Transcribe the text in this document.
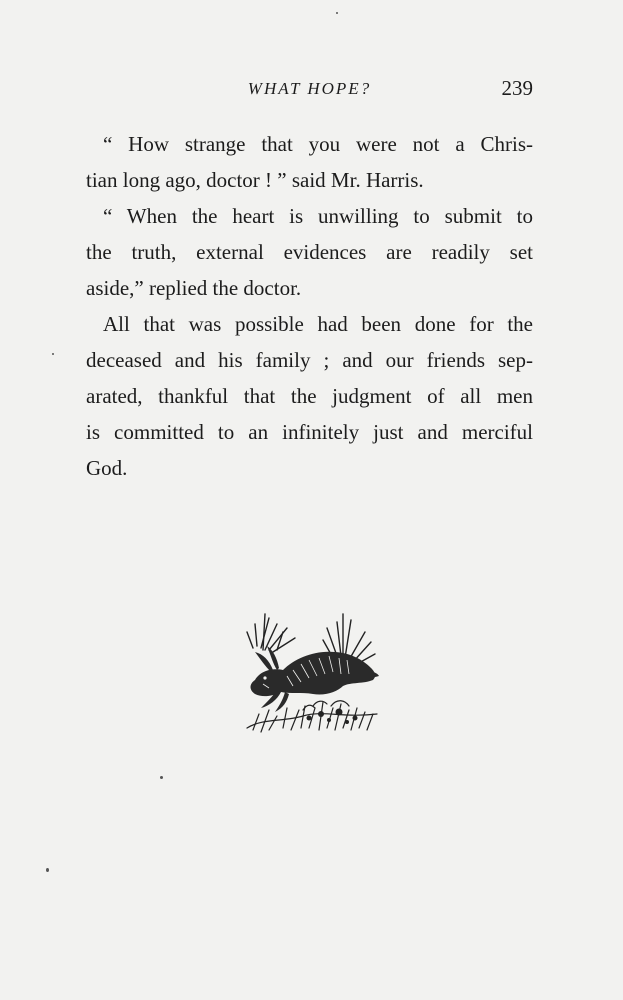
WHAT HOPE?	239
“ How strange that you were not a Chris-
tian long ago, doctor ! ” said Mr. Harris.
“ When the heart is unwilling to submit to
the truth, external evidences are readily set
aside,” replied the doctor.
All that was possible had been done for the
deceased and his family ; and our friends sep-
arated, thankful that the judgment of all men
is committed to an infinitely just and merciful
God.
